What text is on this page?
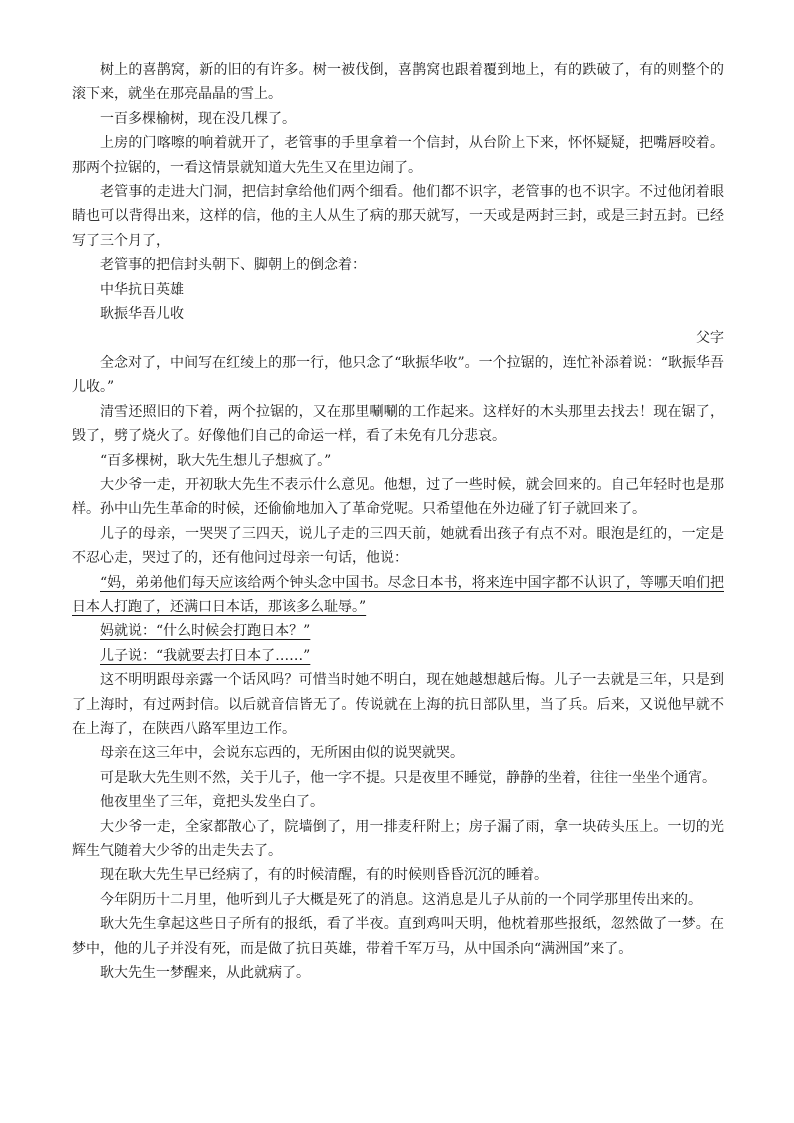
树上的喜鹊窝，新的旧的有许多。树一被伐倒，喜鹊窝也跟着覆到地上，有的跌破了，有的则整个的滚下来，就坐在那亮晶晶的雪上。

一百多棵榆树，现在没几棵了。

上房的门喀嚓的响着就开了，老管事的手里拿着一个信封，从台阶上下来，怀怀疑疑，把嘴唇咬着。那两个拉锯的，一看这情景就知道大先生又在里边闹了。

老管事的走进大门洞，把信封拿给他们两个细看。他们都不识字，老管事的也不识字。不过他闭着眼睛也可以背得出来，这样的信，他的主人从生了病的那天就写，一天或是两封三封，或是三封五封。已经写了三个月了，

老管事的把信封头朝下、脚朝上的倒念着：

中华抗日英雄

耿振华吾儿收

父字

全念对了，中间写在红绫上的那一行，他只念了“耿振华收”。一个拉锯的，连忙补添着说：“耿振华吾儿收。”

清雪还照旧的下着，两个拉锯的，又在那里唰唰的工作起来。这样好的木头那里去找去！现在锯了，毁了，劈了烧火了。好像他们自己的命运一样，看了未免有几分悲哀。

“百多棵树，耿大先生想儿子想疯了。”

大少爷一走，开初耿大先生不表示什么意见。他想，过了一些时候，就会回来的。自己年轻时也是那样。孙中山先生革命的时候，还偷偷地加入了革命党呢。只希望他在外边碰了钉子就回来了。

儿子的母亲，一哭哭了三四天，说儿子走的三四天前，她就看出孩子有点不对。眼泡是红的，一定是不忍心走，哭过了的，还有他问过母亲一句话，他说：

“妈，弟弟他们每天应该给两个钟头念中国书。尽念日本书，将来连中国字都不认识了，等哪天咱们把日本人打跑了，还满口日本话，那该多么耻辱。”

妈就说：“什么时候会打跑日本？”

儿子说：“我就要去打日本了……”

这不明明跟母亲露一个话风吗？可惜当时她不明白，现在她越想越后悔。儿子一去就是三年，只是到了上海时，有过两封信。以后就音信皆无了。传说就在上海的抗日部队里，当了兵。后来，又说他早就不在上海了，在陕西八路军里边工作。

母亲在这三年中，会说东忘西的，无所困由似的说哭就哭。

可是耿大先生则不然，关于儿子，他一字不提。只是夜里不睡觉，静静的坐着，往往一坐坐个通宵。

他夜里坐了三年，竟把头发坐白了。

大少爷一走，全家都散心了，院墙倒了，用一排麦秆附上；房子漏了雨，拿一块砖头压上。一切的光辉生气随着大少爷的出走失去了。

现在耿大先生早已经病了，有的时候清醒，有的时候则昏昏沉沉的睡着。

今年阴历十二月里，他听到儿子大概是死了的消息。这消息是儿子从前的一个同学那里传出来的。

耿大先生拿起这些日子所有的报纸，看了半夜。直到鸡叫天明，他枕着那些报纸，忽然做了一梦。在梦中，他的儿子并没有死，而是做了抗日英雄，带着千军万马，从中国杀向“满洲国”来了。

耿大先生一梦醒来，从此就病了。
